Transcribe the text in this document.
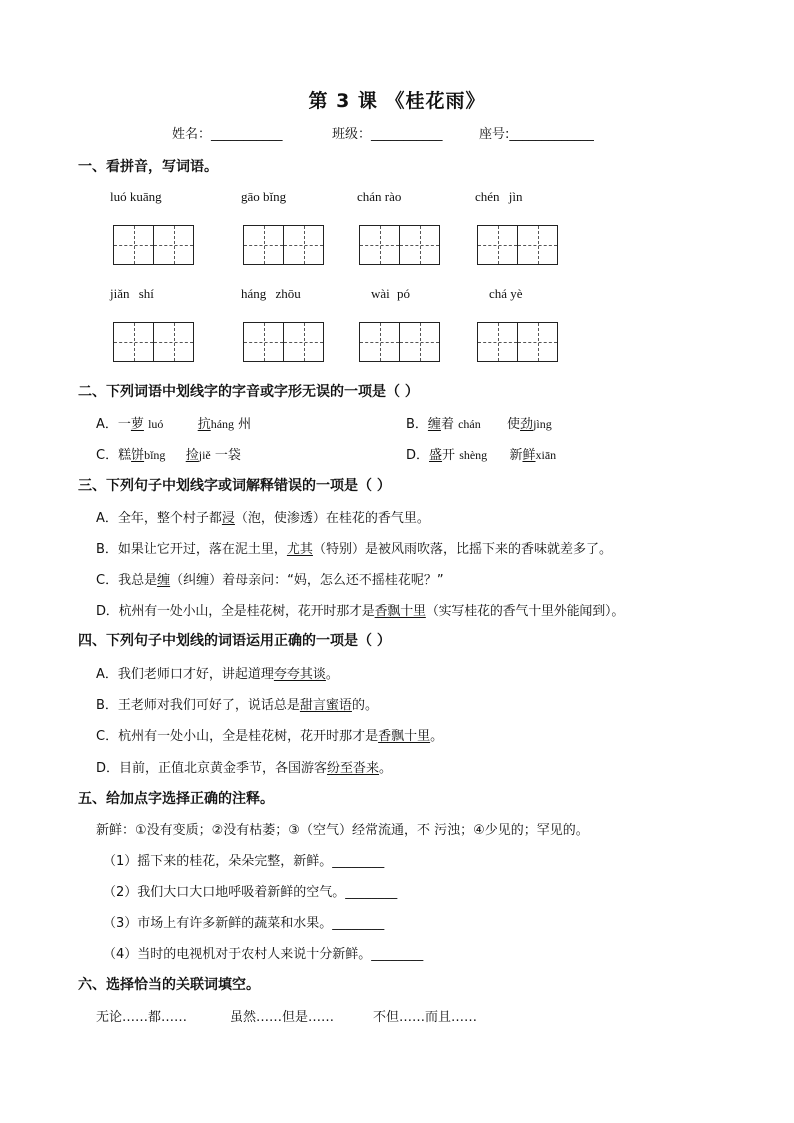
第 3 课 《桂花雨》
姓名：___________	班级：___________	座号:_____________
一、看拼音，写词语。
luó kuāng	gāo bǐng	chán rào	chén jìn
jiǎn shí	háng zhōu	wài pó	chá yè
二、下列词语中划线字的字音或字形无误的一项是（ ）
A．一萝 luó	抗háng 州	B．缠着 chán 使劲jìng
C．糕饼bǐng 捡jiě 一袋	D．盛开 shèng 新鲜xiān
三、下列句子中划线字或词解释错误的一项是（ ）
A．全年，整个村子都浸（泡，使渗透）在桂花的香气里。
B．如果让它开过，落在泥土里，尤其（特别）是被风雨吹落，比摇下来的香味就差多了。
C．我总是缠（纠缠）着母亲问：“妈，怎么还不摇桂花呢？”
D．杭州有一处小山，全是桂花树，花开时那才是香飘十里（实写桂花的香气十里外能闻到）。
四、下列句子中划线的词语运用正确的一项是（ ）
A．我们老师口才好，讲起道理夸夸其谈。
B．王老师对我们可好了，说话总是甜言蜜语的。
C．杭州有一处小山，全是桂花树，花开时那才是香飘十里。
D．目前，正值北京黄金季节，各国游客纷至沓来。
五、给加点字选择正确的注释。
新鲜：①没有变质；②没有枯萎；③（空气）经常流通，不 污浊；④少见的；罕见的。
（1）摇下来的桂花，朵朵完整，新鲜。________
（2）我们大口大口地呼吸着新鲜的空气。________
（3）市场上有许多新鲜的蔬菜和水果。________
（4）当时的电视机对于农村人来说十分新鲜。________
六、选择恰当的关联词填空。
无论……都……	虽然……但是……	不但……而且……
